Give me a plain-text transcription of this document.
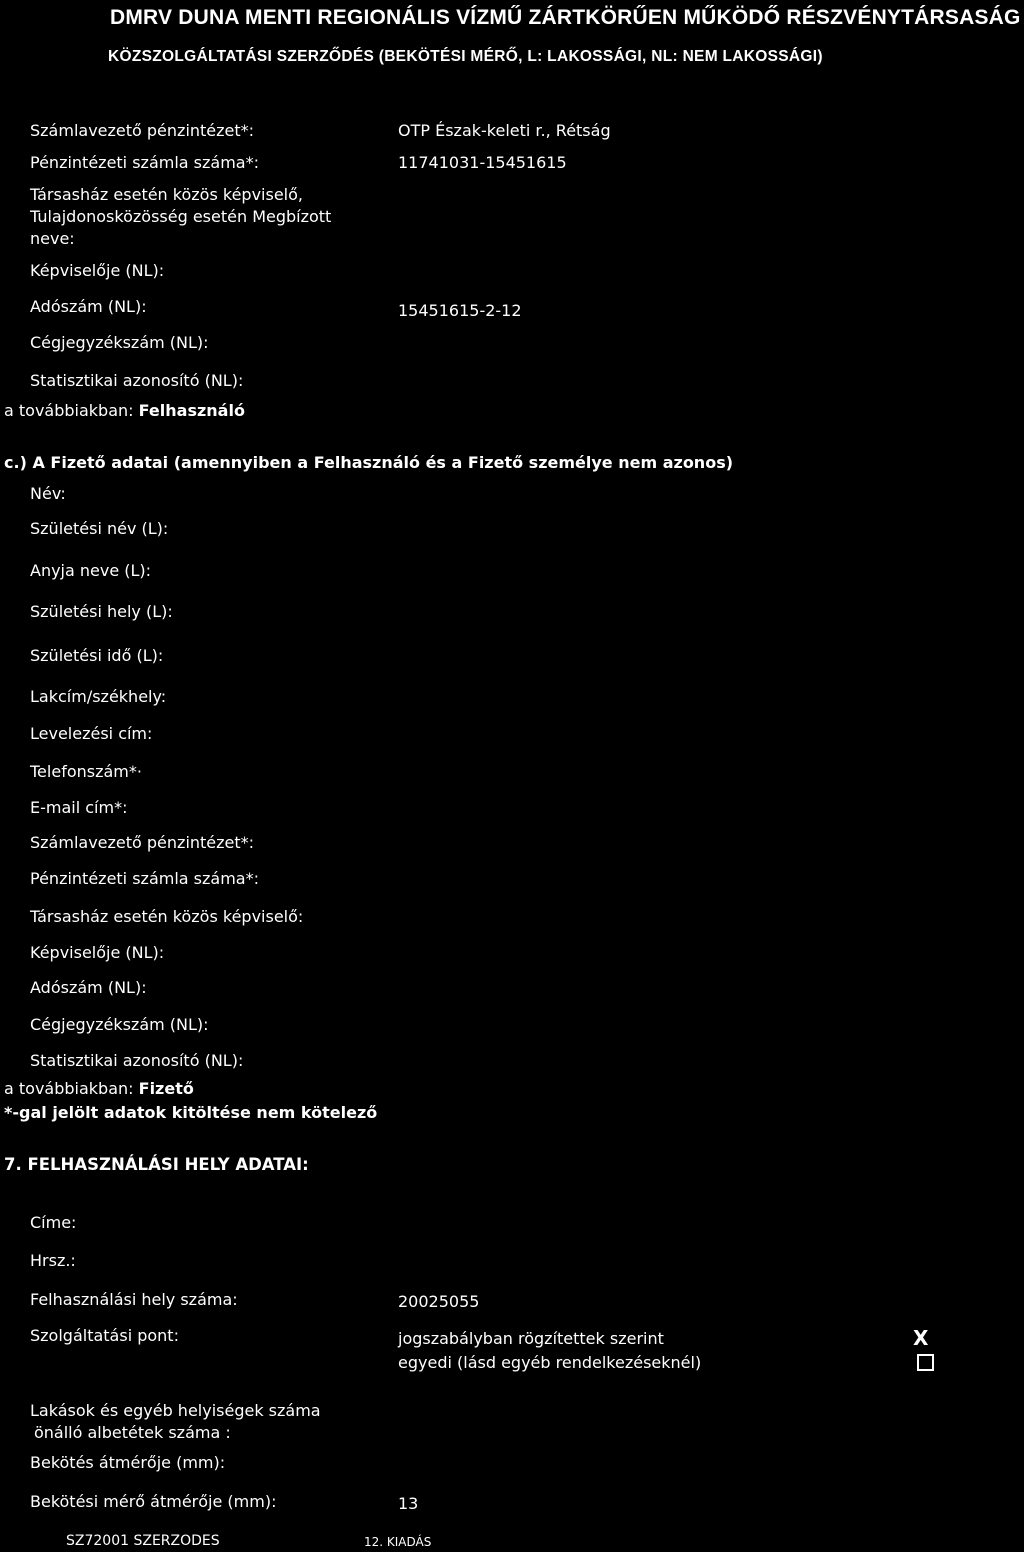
DMRV DUNA MENTI REGIONÁLIS VÍZMŰ ZÁRTKÖRŰEN MŰKÖDŐ RÉSZVÉNYTÁRSASÁG
KÖZSZOLGÁLTATÁSI SZERZŐDÉS (BEKÖTÉSI MÉRŐ, L: LAKOSSÁGI, NL: NEM LAKOSSÁGI)
Számlavezető pénzintézet*:	OTP Észak-keleti r., Rétság
Pénzintézeti számla száma*:	11741031-15451615
Társasház esetén közös képviselő,
Tulajdonosközösség esetén Megbízott
neve:
Képviselője (NL):
Adószám (NL):	15451615-2-12
Cégjegyzékszám (NL):
Statisztikai azonosító (NL):
a továbbiakban: Felhasználó
c.) A Fizető adatai (amennyiben a Felhasználó és a Fizető személye nem azonos)
Név:
Születési név (L):
Anyja neve (L):
Születési hely (L):
Születési idő (L):
Lakcím/székhely:
Levelezési cím:
Telefonszám*·
E-mail cím*:
Számlavezető pénzintézet*:
Pénzintézeti számla száma*:
Társasház esetén közös képviselő:
Képviselője (NL):
Adószám (NL):
Cégjegyzékszám (NL):
Statisztikai azonosító (NL):
a továbbiakban: Fizető
*-gal jelölt adatok kitöltése nem kötelező
7. FELHASZNÁLÁSI HELY ADATAI:
Címe:
Hrsz.:
Felhasználási hely száma:	20025055
Szolgáltatási pont:	jogszabályban rögzítettek szerint	X
egyedi (lásd egyéb rendelkezéseknél)
Lakások és egyéb helyiségek száma
önálló albetétek száma :
Bekötés átmérője (mm):
Bekötési mérő átmérője (mm):	13
SZ72001 SZERZODES	12. KIADÁS
